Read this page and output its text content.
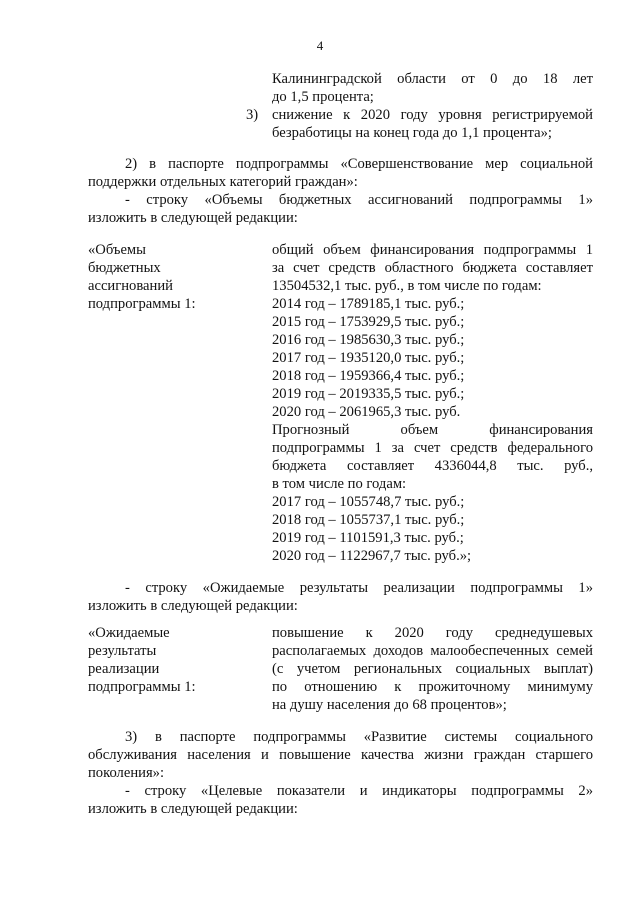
4
Калининградской области от 0 до 18 лет
до 1,5 процента;
3) снижение к 2020 году уровня регистрируемой
безработицы на конец года до 1,1 процента»;
2) в паспорте подпрограммы «Совершенствование мер социальной
поддержки отдельных категорий граждан»:
- строку «Объемы бюджетных ассигнований подпрограммы 1»
изложить в следующей редакции:
«Объемы
бюджетных
ассигнований
подпрограммы 1:
общий объем финансирования подпрограммы 1
за счет средств областного бюджета составляет
13504532,1 тыс. руб., в том числе по годам:
2014 год – 1789185,1 тыс. руб.;
2015 год – 1753929,5 тыс. руб.;
2016 год – 1985630,3 тыс. руб.;
2017 год – 1935120,0 тыс. руб.;
2018 год – 1959366,4 тыс. руб.;
2019 год – 2019335,5 тыс. руб.;
2020 год – 2061965,3 тыс. руб.
Прогнозный объем финансирования
подпрограммы 1 за счет средств федерального
бюджета составляет 4336044,8 тыс. руб.,
в том числе по годам:
2017 год – 1055748,7 тыс. руб.;
2018 год – 1055737,1 тыс. руб.;
2019 год – 1101591,3 тыс. руб.;
2020 год – 1122967,7 тыс. руб.»;
- строку «Ожидаемые результаты реализации подпрограммы 1»
изложить в следующей редакции:
«Ожидаемые
результаты
реализации
подпрограммы 1:
повышение к 2020 году среднедушевых
располагаемых доходов малообеспеченных семей
(с учетом региональных социальных выплат)
по отношению к прожиточному минимуму
на душу населения до 68 процентов»;
3) в паспорте подпрограммы «Развитие системы социального
обслуживания населения и повышение качества жизни граждан старшего
поколения»:
- строку «Целевые показатели и индикаторы подпрограммы 2»
изложить в следующей редакции:
